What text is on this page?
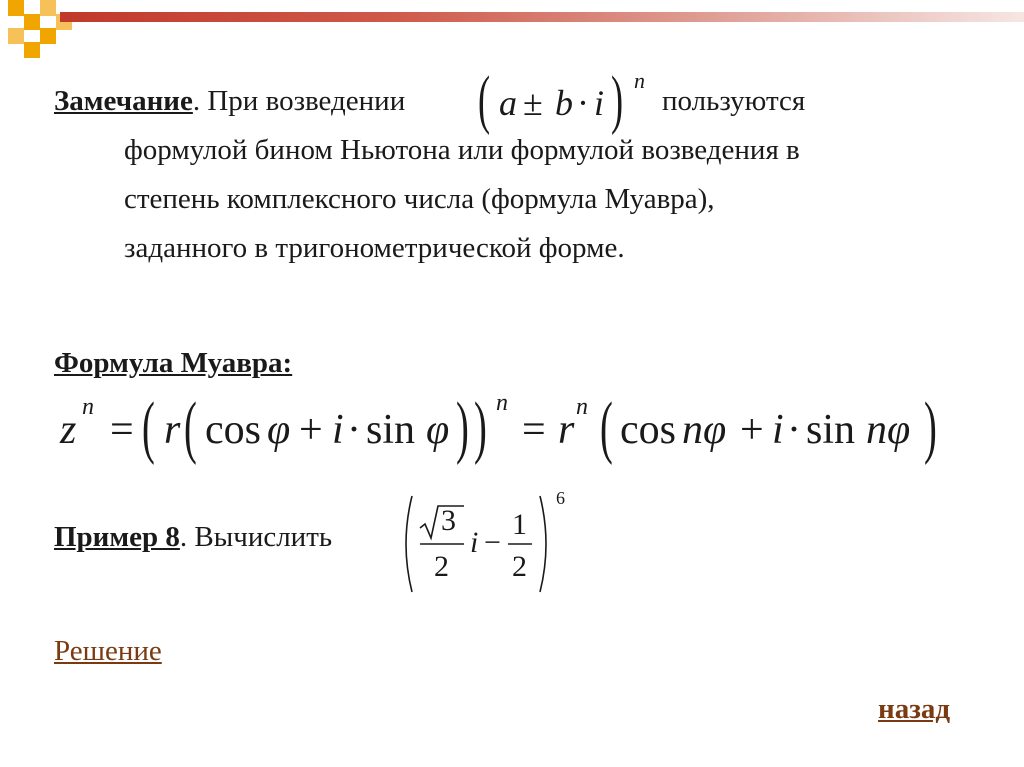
Замечание. При возведении ( a ± b · i ) n
пользуются
формулой бином Ньютона или формулой возведения в
степень комплексного числа (формула Муавра),
заданного в тригонометрической форме.
Формула Муавра:
z n = ( r ( cos φ + i · sin φ ) ) n
= r n ( cos nφ + i · sin nφ )
Пример 8. Вычислить	3
2
i −
1
2
6
Решение
назад
